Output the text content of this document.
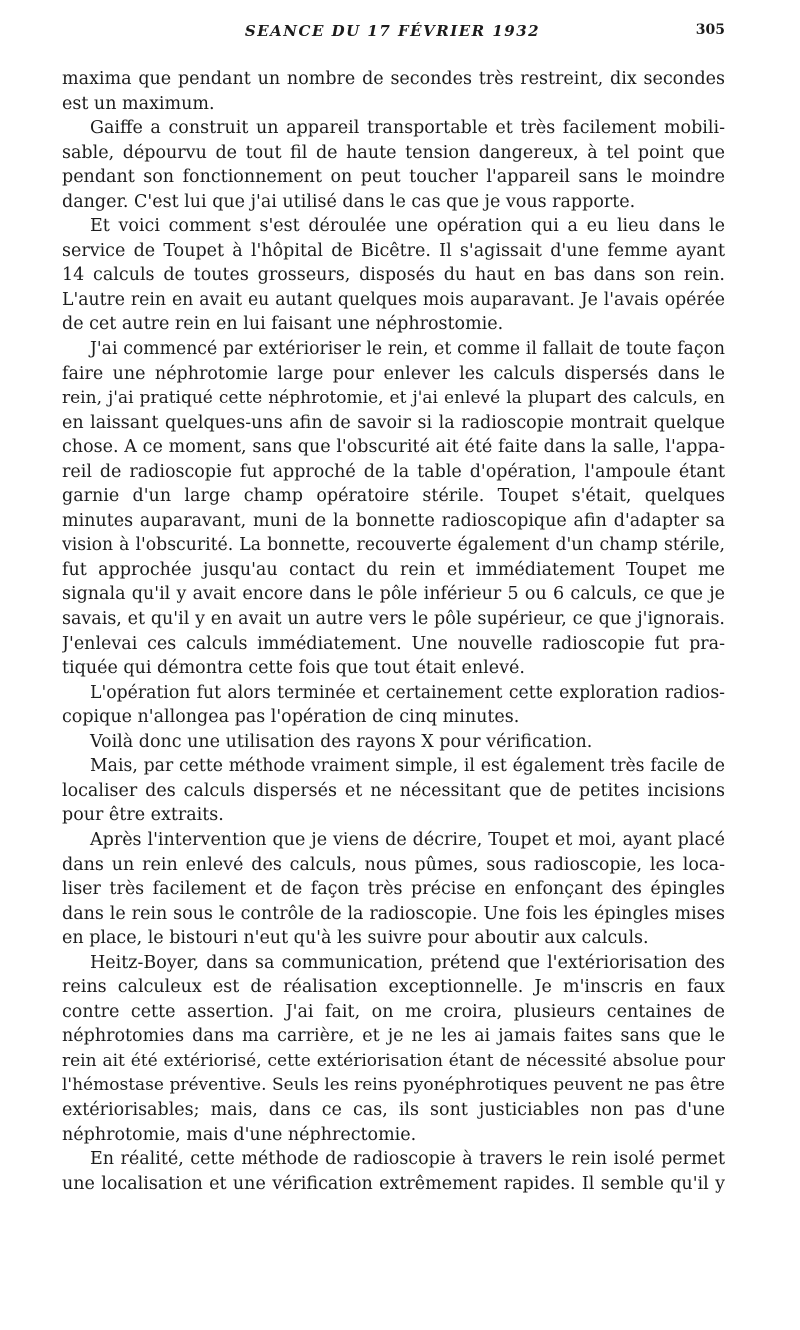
SEANCE DU 17 FÉVRIER 1932	305
maxima que pendant un nombre de secondes très restreint, dix secondes
est un maximum.
Gaiffe a construit un appareil transportable et très facilement mobili-
sable, dépourvu de tout fil de haute tension dangereux, à tel point que
pendant son fonctionnement on peut toucher l'appareil sans le moindre
danger. C'est lui que j'ai utilisé dans le cas que je vous rapporte.
Et voici comment s'est déroulée une opération qui a eu lieu dans le
service de Toupet à l'hôpital de Bicêtre. Il s'agissait d'une femme ayant
14 calculs de toutes grosseurs, disposés du haut en bas dans son rein.
L'autre rein en avait eu autant quelques mois auparavant. Je l'avais opérée
de cet autre rein en lui faisant une néphrostomie.
J'ai commencé par extérioriser le rein, et comme il fallait de toute façon
faire une néphrotomie large pour enlever les calculs dispersés dans le
rein, j'ai pratiqué cette néphrotomie, et j'ai enlevé la plupart des calculs, en
en laissant quelques-uns afin de savoir si la radioscopie montrait quelque
chose. A ce moment, sans que l'obscurité ait été faite dans la salle, l'appa-
reil de radioscopie fut approché de la table d'opération, l'ampoule étant
garnie d'un large champ opératoire stérile. Toupet s'était, quelques
minutes auparavant, muni de la bonnette radioscopique afin d'adapter sa
vision à l'obscurité. La bonnette, recouverte également d'un champ stérile,
fut approchée jusqu'au contact du rein et immédiatement Toupet me
signala qu'il y avait encore dans le pôle inférieur 5 ou 6 calculs, ce que je
savais, et qu'il y en avait un autre vers le pôle supérieur, ce que j'ignorais.
J'enlevai ces calculs immédiatement. Une nouvelle radioscopie fut pra-
tiquée qui démontra cette fois que tout était enlevé.
L'opération fut alors terminée et certainement cette exploration radios-
copique n'allongea pas l'opération de cinq minutes.
Voilà donc une utilisation des rayons X pour vérification.
Mais, par cette méthode vraiment simple, il est également très facile de
localiser des calculs dispersés et ne nécessitant que de petites incisions
pour être extraits.
Après l'intervention que je viens de décrire, Toupet et moi, ayant placé
dans un rein enlevé des calculs, nous pûmes, sous radioscopie, les loca-
liser très facilement et de façon très précise en enfonçant des épingles
dans le rein sous le contrôle de la radioscopie. Une fois les épingles mises
en place, le bistouri n'eut qu'à les suivre pour aboutir aux calculs.
Heitz-Boyer, dans sa communication, prétend que l'extériorisation des
reins calculeux est de réalisation exceptionnelle. Je m'inscris en faux
contre cette assertion. J'ai fait, on me croira, plusieurs centaines de
néphrotomies dans ma carrière, et je ne les ai jamais faites sans que le
rein ait été extériorisé, cette extériorisation étant de nécessité absolue pour
l'hémostase préventive. Seuls les reins pyonéphrotiques peuvent ne pas être
extériorisables; mais, dans ce cas, ils sont justiciables non pas d'une
néphrotomie, mais d'une néphrectomie.
En réalité, cette méthode de radioscopie à travers le rein isolé permet
une localisation et une vérification extrêmement rapides. Il semble qu'il y
